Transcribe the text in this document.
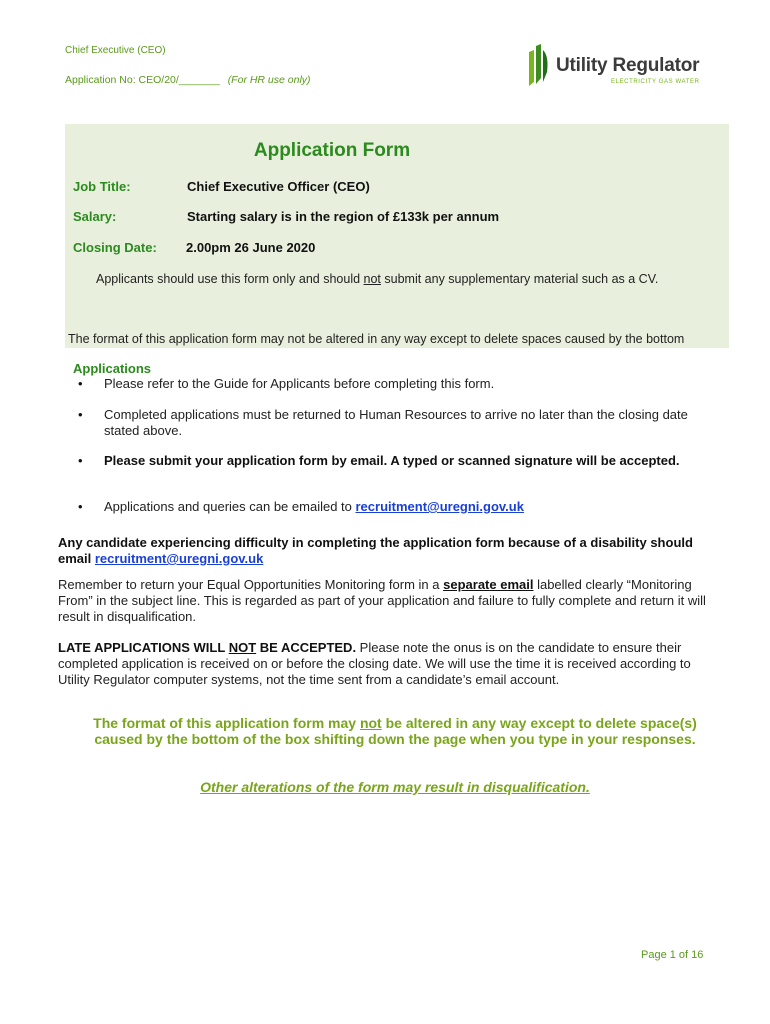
Chief Executive (CEO)
Application No: CEO/20/_______ (For HR use only)
Utility Regulator
ELECTRICITY GAS WATER
Application Form
Job Title:	Chief Executive Officer (CEO)
Salary:	Starting salary is in the region of £133k per annum
Closing Date: 2.00pm 26 June 2020
Applicants should use this form only and should not submit any supplementary material such as a CV.
The format of this application form may not be altered in any way except to delete spaces caused by the bottom
Applications
• Please refer to the Guide for Applicants before completing this form.
• Completed applications must be returned to Human Resources to arrive no later than the closing date stated above.
• Please submit your application form by email. A typed or scanned signature will be accepted.
• Applications and queries can be emailed to recruitment@uregni.gov.uk
Any candidate experiencing difficulty in completing the application form because of a disability should email recruitment@uregni.gov.uk
Remember to return your Equal Opportunities Monitoring form in a separate email labelled clearly “Monitoring From” in the subject line. This is regarded as part of your application and failure to fully complete and return it will result in disqualification.
LATE APPLICATIONS WILL NOT BE ACCEPTED. Please note the onus is on the candidate to ensure their completed application is received on or before the closing date. We will use the time it is received according to Utility Regulator computer systems, not the time sent from a candidate’s email account.
The format of this application form may not be altered in any way except to delete space(s) caused by the bottom of the box shifting down the page when you type in your responses.
Other alterations of the form may result in disqualification.
Page 1 of 16
